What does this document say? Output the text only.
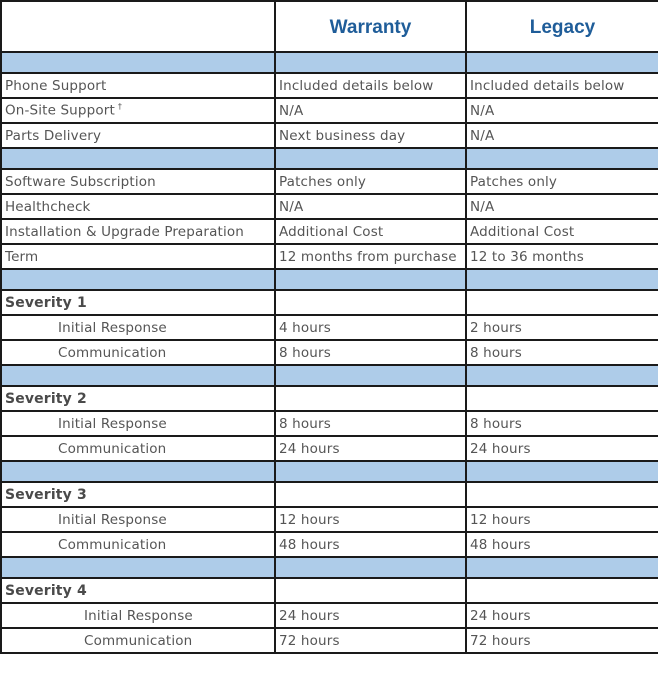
	Warranty	Legacy

Phone Support	Included details below	Included details below
On-Site Support †	N/A	N/A
Parts Delivery	Next business day	N/A

Software Subscription	Patches only	Patches only
Healthcheck	N/A	N/A
Installation & Upgrade Preparation	Additional Cost	Additional Cost
Term	12 months from purchase	12 to 36 months

Severity 1		
Initial Response	4 hours	2 hours
Communication	8 hours	8 hours

Severity 2		
Initial Response	8 hours	8 hours
Communication	24 hours	24 hours

Severity 3		
Initial Response	12 hours	12 hours
Communication	48 hours	48 hours

Severity 4		
Initial Response	24 hours	24 hours
Communication	72 hours	72 hours
